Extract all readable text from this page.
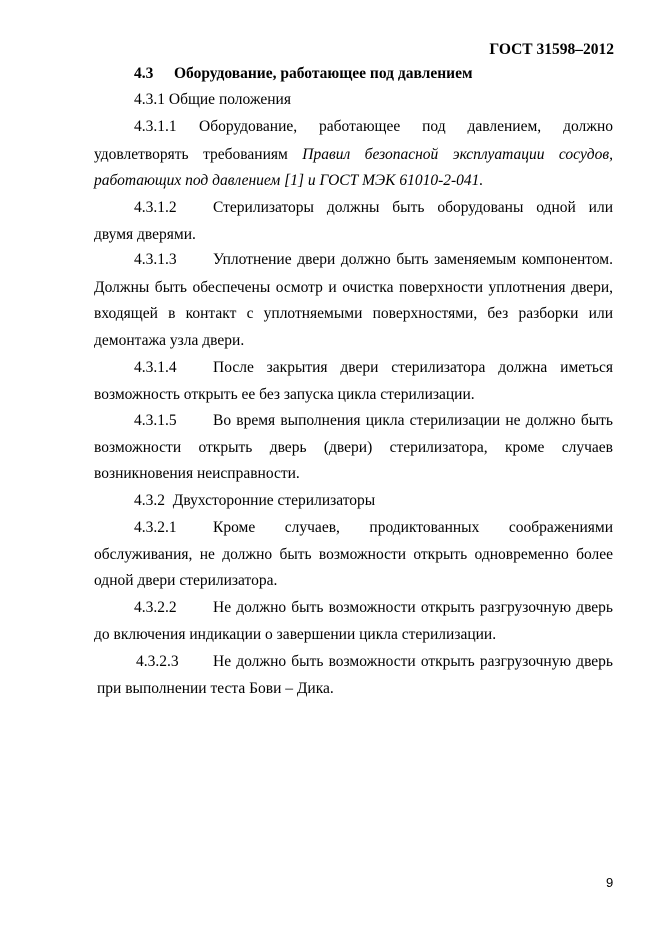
ГОСТ 31598–2012
4.3 Оборудование, работающее под давлением
4.3.1 Общие положения
4.3.1.1 Оборудование, работающее под давлением, должно
удовлетворять требованиям Правил безопасной эксплуатации сосудов,
работающих под давлением [1] и ГОСТ МЭК 61010-2-041.
4.3.1.2 Стерилизаторы должны быть оборудованы одной или
двумя дверями.
4.3.1.3 Уплотнение двери должно быть заменяемым компонентом.
Должны быть обеспечены осмотр и очистка поверхности уплотнения двери,
входящей в контакт с уплотняемыми поверхностями, без разборки или
демонтажа узла двери.
4.3.1.4 После закрытия двери стерилизатора должна иметься
возможность открыть ее без запуска цикла стерилизации.
4.3.1.5 Во время выполнения цикла стерилизации не должно быть
возможности открыть дверь (двери) стерилизатора, кроме случаев
возникновения неисправности.
4.3.2 Двухсторонние стерилизаторы
4.3.2.1 Кроме случаев, продиктованных соображениями
обслуживания, не должно быть возможности открыть одновременно более
одной двери стерилизатора.
4.3.2.2 Не должно быть возможности открыть разгрузочную дверь
до включения индикации о завершении цикла стерилизации.
4.3.2.3 Не должно быть возможности открыть разгрузочную дверь
при выполнении теста Бови – Дика.
9
